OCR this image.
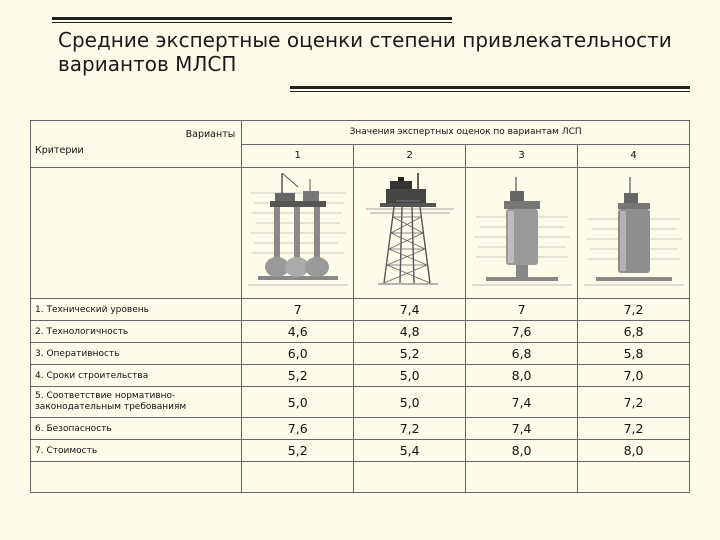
Средние экспертные оценки степени привлекательности
вариантов МЛСП
Варианты
Критерии	Значения экспертных оценок по вариантам ЛСП			
	1	2	3	4

1. Технический уровень	7	7,4	7	7,2
2. Технологичность	4,6	4,8	7,6	6,8
3. Оперативность	6,0	5,2	6,8	5,8
4. Сроки строительства	5,2	5,0	8,0	7,0
5. Соответствие нормативно-
законодательным требованиям	5,0	5,0	7,4	7,2
6. Безопасность	7,6	7,2	7,4	7,2
7. Стоимость	5,2	5,4	8,0	8,0
